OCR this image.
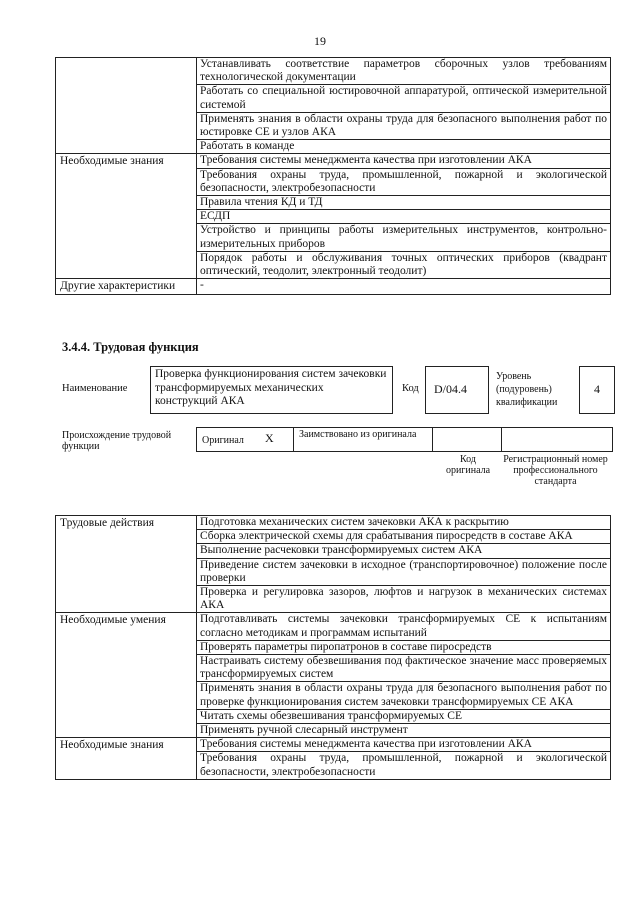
19
	Устанавливать соответствие параметров сборочных узлов требованиям технологической документации
	Работать со специальной юстировочной аппаратурой, оптической измерительной системой
	Применять знания в области охраны труда для безопасного выполнения работ по юстировке СЕ и узлов АКА
	Работать в команде
Необходимые знания	Требования системы менеджмента качества при изготовлении АКА
	Требования охраны труда, промышленной, пожарной и экологической безопасности, электробезопасности
	Правила чтения КД и ТД
	ЕСДП
	Устройство и принципы работы измерительных инструментов, контрольно-измерительных приборов
	Порядок работы и обслуживания точных оптических приборов (квадрант оптический, теодолит, электронный теодолит)
Другие характеристики	-
3.4.4. Трудовая функция
Наименование
Проверка функционирования систем зачековки трансформируемых механических конструкций АКА
Код	D/04.4
Уровень (подуровень) квалификации
4
Происхождение трудовой функции
Оригинал X	Заимствовано из оригинала
Код оригинала
Регистрационный номер профессионального стандарта
Трудовые действия	Подготовка механических систем зачековки АКА к раскрытию
	Сборка электрической схемы для срабатывания пиросредств в составе АКА
	Выполнение расчековки трансформируемых систем АКА
	Приведение систем зачековки в исходное (транспортировочное) положение после проверки
	Проверка и регулировка зазоров, люфтов и нагрузок в механических системах АКА
Необходимые умения	Подготавливать системы зачековки трансформируемых СЕ к испытаниям согласно методикам и программам испытаний
	Проверять параметры пиропатронов в составе пиросредств
	Настраивать систему обезвешивания под фактическое значение масс проверяемых трансформируемых систем
	Применять знания в области охраны труда для безопасного выполнения работ по проверке функционирования систем зачековки трансформируемых СЕ АКА
	Читать схемы обезвешивания трансформируемых СЕ
	Применять ручной слесарный инструмент
Необходимые знания	Требования системы менеджмента качества при изготовлении АКА
	Требования охраны труда, промышленной, пожарной и экологической безопасности, электробезопасности
